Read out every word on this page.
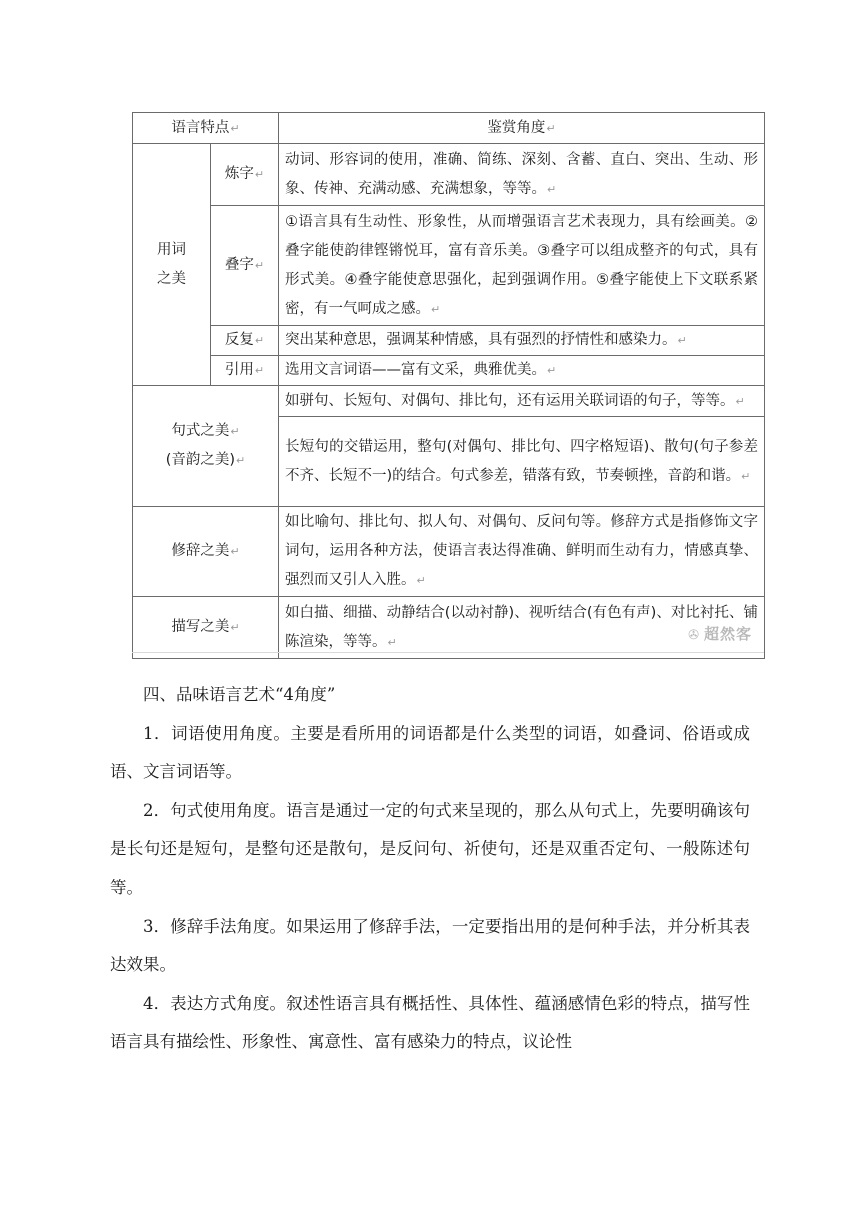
语言特点↵		鉴赏角度↵
用词之美	炼字↵	动词、形容词的使用，准确、简练、深刻、含蓄、直白、突出、生动、形象、传神、充满动感、充满想象，等等。↵
	叠字↵	①语言具有生动性、形象性，从而增强语言艺术表现力，具有绘画美。②叠字能使韵律铿锵悦耳，富有音乐美。③叠字可以组成整齐的句式，具有形式美。④叠字能使意思强化，起到强调作用。⑤叠字能使上下文联系紧密，有一气呵成之感。↵
	反复↵	突出某种意思，强调某种情感，具有强烈的抒情性和感染力。↵
	引用↵	选用文言词语——富有文采，典雅优美。↵

句式之美↵
(音韵之美)↵		如骈句、长短句、对偶句、排比句，还有运用关联词语的句子，等等。↵
		长短句的交错运用，整句(对偶句、排比句、四字格短语)、散句(句子参差不齐、长短不一)的结合。句式参差，错落有致，节奏顿挫，音韵和谐。↵
修辞之美↵		如比喻句、排比句、拟人句、对偶句、反问句等。修辞方式是指修饰文字词句，运用各种方法，使语言表达得准确、鲜明而生动有力，情感真挚、强烈而又引人入胜。↵
描写之美↵		如白描、细描、动静结合(以动衬静)、视听结合(有色有声)、对比衬托、铺陈渲染，等等。↵ ✇ 超然客

四、品味语言艺术“4角度”

1．词语使用角度。主要是看所用的词语都是什么类型的词语，如叠词、俗语或成语、文言词语等。

2．句式使用角度。语言是通过一定的句式来呈现的，那么从句式上，先要明确该句是长句还是短句，是整句还是散句，是反问句、祈使句，还是双重否定句、一般陈述句等。

3．修辞手法角度。如果运用了修辞手法，一定要指出用的是何种手法，并分析其表达效果。

4．表达方式角度。叙述性语言具有概括性、具体性、蕴涵感情色彩的特点，描写性语言具有描绘性、形象性、寓意性、富有感染力的特点，议论性
